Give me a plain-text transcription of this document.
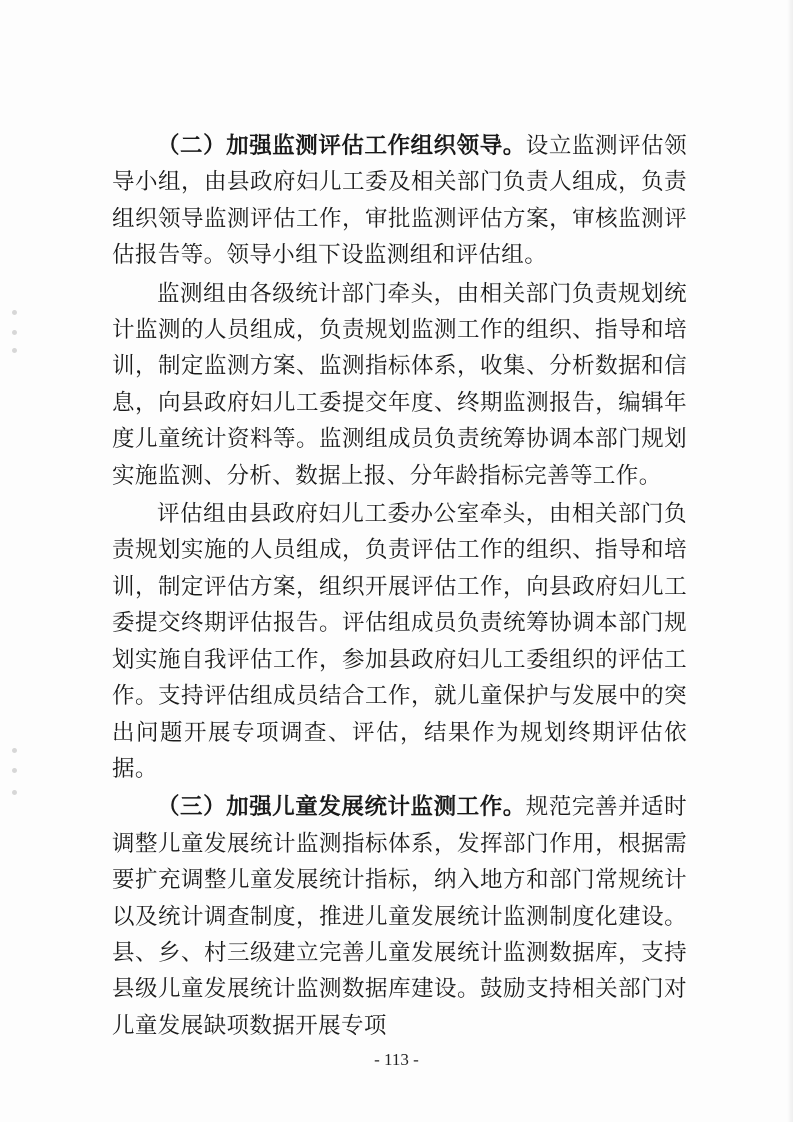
（二）加强监测评估工作组织领导。设立监测评估领导小组，由县政府妇儿工委及相关部门负责人组成，负责组织领导监测评估工作，审批监测评估方案，审核监测评估报告等。领导小组下设监测组和评估组。

监测组由各级统计部门牵头，由相关部门负责规划统计监测的人员组成，负责规划监测工作的组织、指导和培训，制定监测方案、监测指标体系，收集、分析数据和信息，向县政府妇儿工委提交年度、终期监测报告，编辑年度儿童统计资料等。监测组成员负责统筹协调本部门规划实施监测、分析、数据上报、分年龄指标完善等工作。

评估组由县政府妇儿工委办公室牵头，由相关部门负责规划实施的人员组成，负责评估工作的组织、指导和培训，制定评估方案，组织开展评估工作，向县政府妇儿工委提交终期评估报告。评估组成员负责统筹协调本部门规划实施自我评估工作，参加县政府妇儿工委组织的评估工作。支持评估组成员结合工作，就儿童保护与发展中的突出问题开展专项调查、评估，结果作为规划终期评估依据。

（三）加强儿童发展统计监测工作。规范完善并适时调整儿童发展统计监测指标体系，发挥部门作用，根据需要扩充调整儿童发展统计指标，纳入地方和部门常规统计以及统计调查制度，推进儿童发展统计监测制度化建设。县、乡、村三级建立完善儿童发展统计监测数据库，支持县级儿童发展统计监测数据库建设。鼓励支持相关部门对儿童发展缺项数据开展专项

- 113 -
